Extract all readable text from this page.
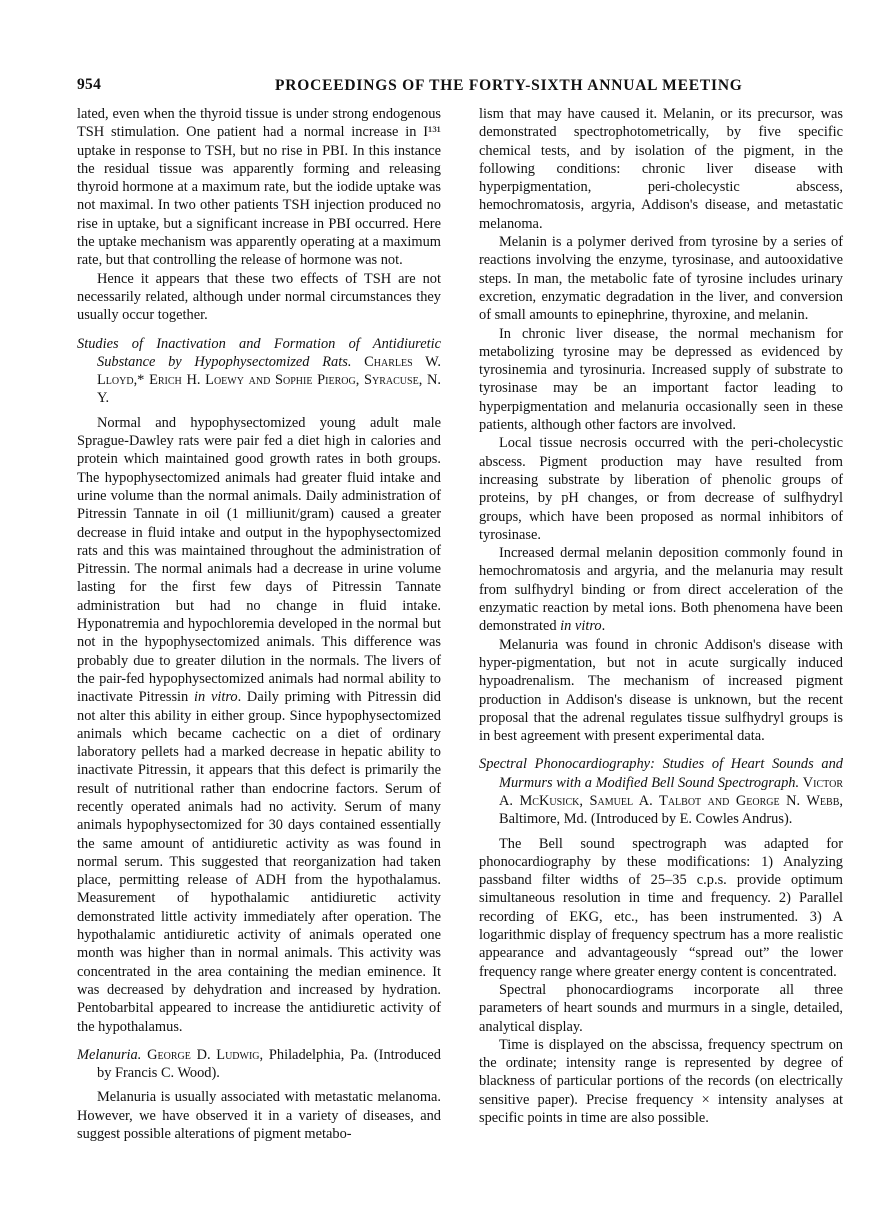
954	PROCEEDINGS OF THE FORTY-SIXTH ANNUAL MEETING

lated, even when the thyroid tissue is under strong endogenous TSH stimulation. One patient had a normal increase in I¹³¹ uptake in response to TSH, but no rise in PBI. In this instance the residual tissue was apparently forming and releasing thyroid hormone at a maximum rate, but the iodide uptake was not maximal. In two other patients TSH injection produced no rise in uptake, but a significant increase in PBI occurred. Here the uptake mechanism was apparently operating at a maximum rate, but that controlling the release of hormone was not.

Hence it appears that these two effects of TSH are not necessarily related, although under normal circumstances they usually occur together.

Studies of Inactivation and Formation of Antidiuretic Substance by Hypophysectomized Rats. Charles W. Lloyd,* Erich H. Loewy and Sophie Pierog, Syracuse, N. Y.

Normal and hypophysectomized young adult male Sprague-Dawley rats were pair fed a diet high in calories and protein which maintained good growth rates in both groups. The hypophysectomized animals had greater fluid intake and urine volume than the normal animals. Daily administration of Pitressin Tannate in oil (1 milliunit/gram) caused a greater decrease in fluid intake and output in the hypophysectomized rats and this was maintained throughout the administration of Pitressin. The normal animals had a decrease in urine volume lasting for the first few days of Pitressin Tannate administration but had no change in fluid intake. Hyponatremia and hypochloremia developed in the normal but not in the hypophysectomized animals. This difference was probably due to greater dilution in the normals. The livers of the pair-fed hypophysectomized animals had normal ability to inactivate Pitressin in vitro. Daily priming with Pitressin did not alter this ability in either group. Since hypophysectomized animals which became cachectic on a diet of ordinary laboratory pellets had a marked decrease in hepatic ability to inactivate Pitressin, it appears that this defect is primarily the result of nutritional rather than endocrine factors. Serum of recently operated animals had no activity. Serum of many animals hypophysectomized for 30 days contained essentially the same amount of antidiuretic activity as was found in normal serum. This suggested that reorganization had taken place, permitting release of ADH from the hypothalamus. Measurement of hypothalamic antidiuretic activity demonstrated little activity immediately after operation. The hypothalamic antidiuretic activity of animals operated one month was higher than in normal animals. This activity was concentrated in the area containing the median eminence. It was decreased by dehydration and increased by hydration. Pentobarbital appeared to increase the antidiuretic activity of the hypothalamus.

Melanuria. George D. Ludwig, Philadelphia, Pa. (Introduced by Francis C. Wood).

Melanuria is usually associated with metastatic melanoma. However, we have observed it in a variety of diseases, and suggest possible alterations of pigment metabo-

lism that may have caused it. Melanin, or its precursor, was demonstrated spectrophotometrically, by five specific chemical tests, and by isolation of the pigment, in the following conditions: chronic liver disease with hyperpigmentation, peri-cholecystic abscess, hemochromatosis, argyria, Addison's disease, and metastatic melanoma.

Melanin is a polymer derived from tyrosine by a series of reactions involving the enzyme, tyrosinase, and autooxidative steps. In man, the metabolic fate of tyrosine includes urinary excretion, enzymatic degradation in the liver, and conversion of small amounts to epinephrine, thyroxine, and melanin.

In chronic liver disease, the normal mechanism for metabolizing tyrosine may be depressed as evidenced by tyrosinemia and tyrosinuria. Increased supply of substrate to tyrosinase may be an important factor leading to hyperpigmentation and melanuria occasionally seen in these patients, although other factors are involved.

Local tissue necrosis occurred with the peri-cholecystic abscess. Pigment production may have resulted from increasing substrate by liberation of phenolic groups of proteins, by pH changes, or from decrease of sulfhydryl groups, which have been proposed as normal inhibitors of tyrosinase.

Increased dermal melanin deposition commonly found in hemochromatosis and argyria, and the melanuria may result from sulfhydryl binding or from direct acceleration of the enzymatic reaction by metal ions. Both phenomena have been demonstrated in vitro.

Melanuria was found in chronic Addison's disease with hyper-pigmentation, but not in acute surgically induced hypoadrenalism. The mechanism of increased pigment production in Addison's disease is unknown, but the recent proposal that the adrenal regulates tissue sulfhydryl groups is in best agreement with present experimental data.

Spectral Phonocardiography: Studies of Heart Sounds and Murmurs with a Modified Bell Sound Spectrograph. Victor A. McKusick, Samuel A. Talbot and George N. Webb, Baltimore, Md. (Introduced by E. Cowles Andrus).

The Bell sound spectrograph was adapted for phonocardiography by these modifications: 1) Analyzing passband filter widths of 25–35 c.p.s. provide optimum simultaneous resolution in time and frequency. 2) Parallel recording of EKG, etc., has been instrumented. 3) A logarithmic display of frequency spectrum has a more realistic appearance and advantageously “spread out” the lower frequency range where greater energy content is concentrated.

Spectral phonocardiograms incorporate all three parameters of heart sounds and murmurs in a single, detailed, analytical display.

Time is displayed on the abscissa, frequency spectrum on the ordinate; intensity range is represented by degree of blackness of particular portions of the records (on electrically sensitive paper). Precise frequency × intensity analyses at specific points in time are also possible.
